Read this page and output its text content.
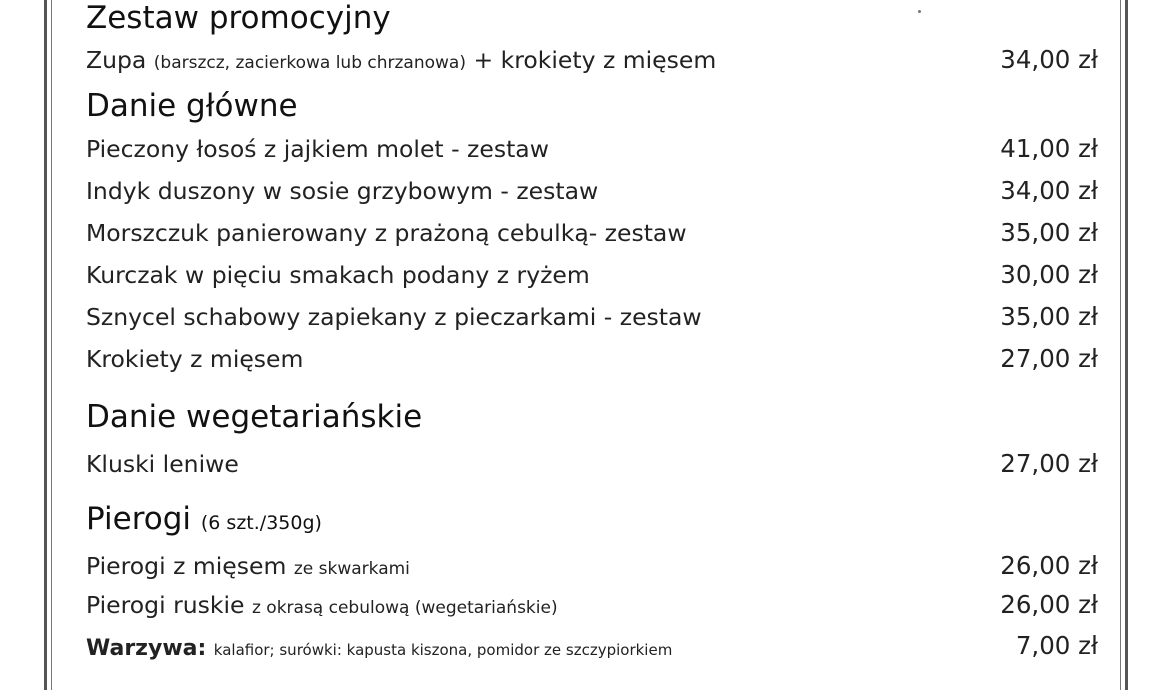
Zestaw promocyjny
Zupa (barszcz, zacierkowa lub chrzanowa) + krokiety z mięsem	34,00 zł
Danie główne
Pieczony łosoś z jajkiem molet - zestaw	41,00 zł
Indyk duszony w sosie grzybowym - zestaw	34,00 zł
Morszczuk panierowany z prażoną cebulką- zestaw	35,00 zł
Kurczak w pięciu smakach podany z ryżem	30,00 zł
Sznycel schabowy zapiekany z pieczarkami - zestaw	35,00 zł
Krokiety z mięsem	27,00 zł
Danie wegetariańskie
Kluski leniwe	27,00 zł
Pierogi (6 szt./350g)
Pierogi z mięsem ze skwarkami	26,00 zł
Pierogi ruskie z okrasą cebulową (wegetariańskie)	26,00 zł
Warzywa: kalafior; surówki: kapusta kiszona, pomidor ze szczypiorkiem	7,00 zł
